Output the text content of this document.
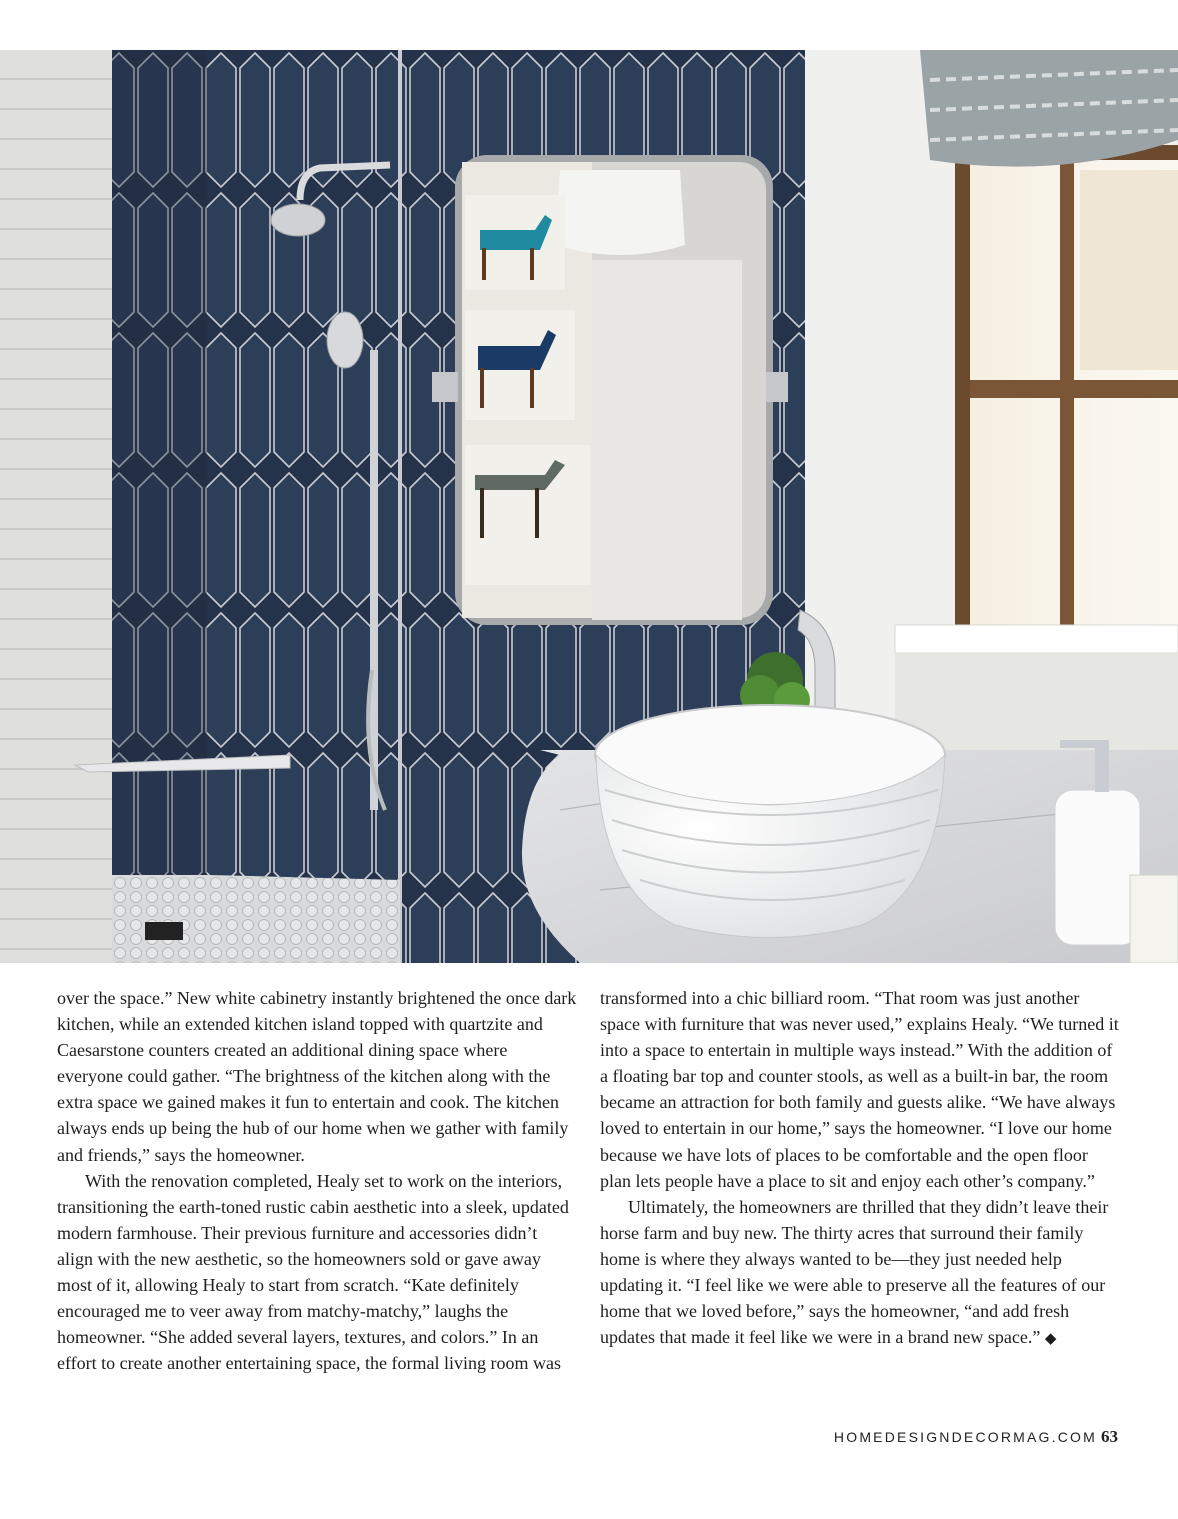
over the space.” New white cabinetry instantly brightened the once dark kitchen, while an extended kitchen island topped with quartzite and Caesarstone counters created an additional dining space where everyone could gather. “The brightness of the kitchen along with the extra space we gained makes it fun to entertain and cook. The kitchen always ends up being the hub of our home when we gather with family and friends,” says the homeowner.

With the renovation completed, Healy set to work on the interiors, transitioning the earth-toned rustic cabin aesthetic into a sleek, updated modern farmhouse. Their previous furniture and accessories didn’t align with the new aesthetic, so the homeowners sold or gave away most of it, allowing Healy to start from scratch. “Kate definitely encouraged me to veer away from matchy-matchy,” laughs the homeowner. “She added several layers, textures, and colors.” In an effort to create another entertaining space, the formal living room was

transformed into a chic billiard room. “That room was just another space with furniture that was never used,” explains Healy. “We turned it into a space to entertain in multiple ways instead.” With the addition of a floating bar top and counter stools, as well as a built-in bar, the room became an attraction for both family and guests alike. “We have always loved to entertain in our home,” says the homeowner. “I love our home because we have lots of places to be comfortable and the open floor plan lets people have a place to sit and enjoy each other’s company.”

Ultimately, the homeowners are thrilled that they didn’t leave their horse farm and buy new. The thirty acres that surround their family home is where they always wanted to be—they just needed help updating it. “I feel like we were able to preserve all the features of our home that we loved before,” says the homeowner, “and add fresh updates that made it feel like we were in a brand new space.” ◆

HOMEDESIGNDECORMAG.COM 63
